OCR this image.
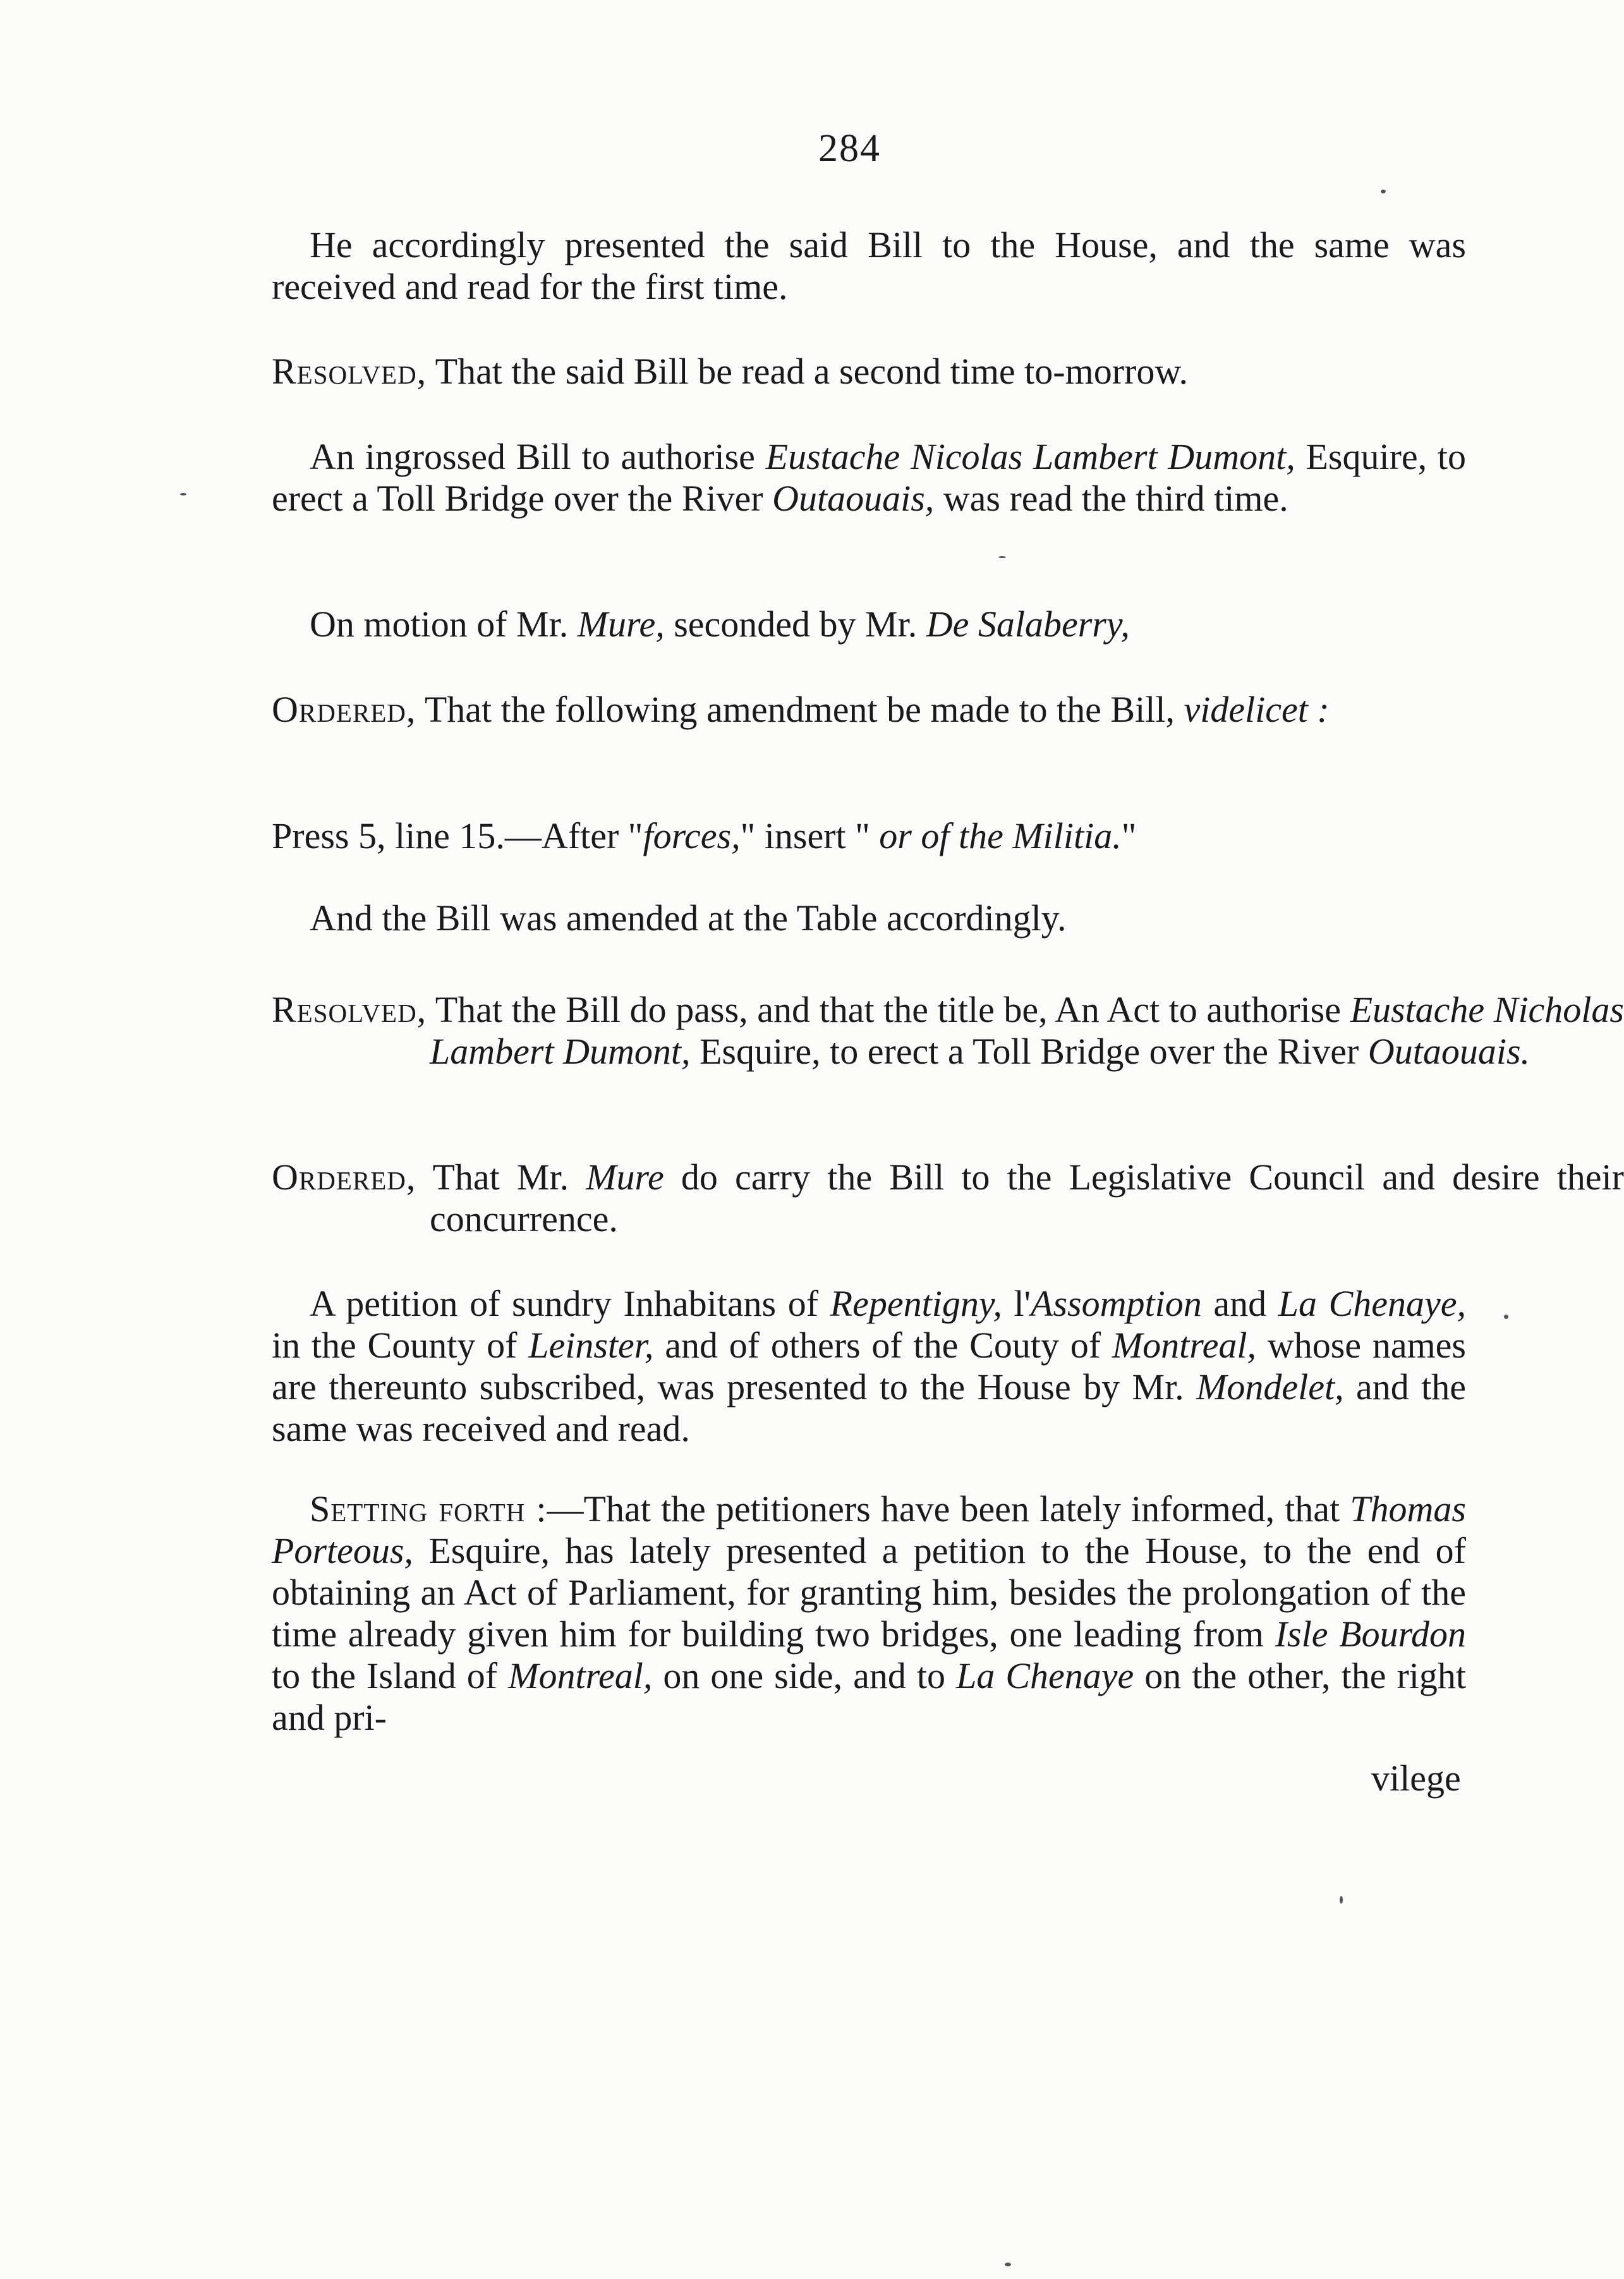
284
He accordingly presented the said Bill to the House, and the same was received and read for the first time.
Resolved, That the said Bill be read a second time to-morrow.
An ingrossed Bill to authorise Eustache Nicolas Lambert Dumont, Esquire, to erect a Toll Bridge over the River Outaouais, was read the third time.
On motion of Mr. Mure, seconded by Mr. De Salaberry,
Ordered, That the following amendment be made to the Bill, videlicet :
Press 5, line 15.—After "forces," insert " or of the Militia."
And the Bill was amended at the Table accordingly.
Resolved, That the Bill do pass, and that the title be, An Act to authorise Eustache Nicholas Lambert Dumont, Esquire, to erect a Toll Bridge over the River Outaouais.
Ordered, That Mr. Mure do carry the Bill to the Legislative Council and desire their concurrence.
A petition of sundry Inhabitans of Repentigny, l'Assomption and La Chenaye, in the County of Leinster, and of others of the Couty of Montreal, whose names are thereunto subscribed, was presented to the House by Mr. Mondelet, and the same was received and read.
Setting forth :—That the petitioners have been lately informed, that Thomas Porteous, Esquire, has lately presented a petition to the House, to the end of obtaining an Act of Parliament, for granting him, besides the prolongation of the time already given him for building two bridges, one leading from Isle Bourdon to the Island of Montreal, on one side, and to La Chenaye on the other, the right and pri-
vilege
